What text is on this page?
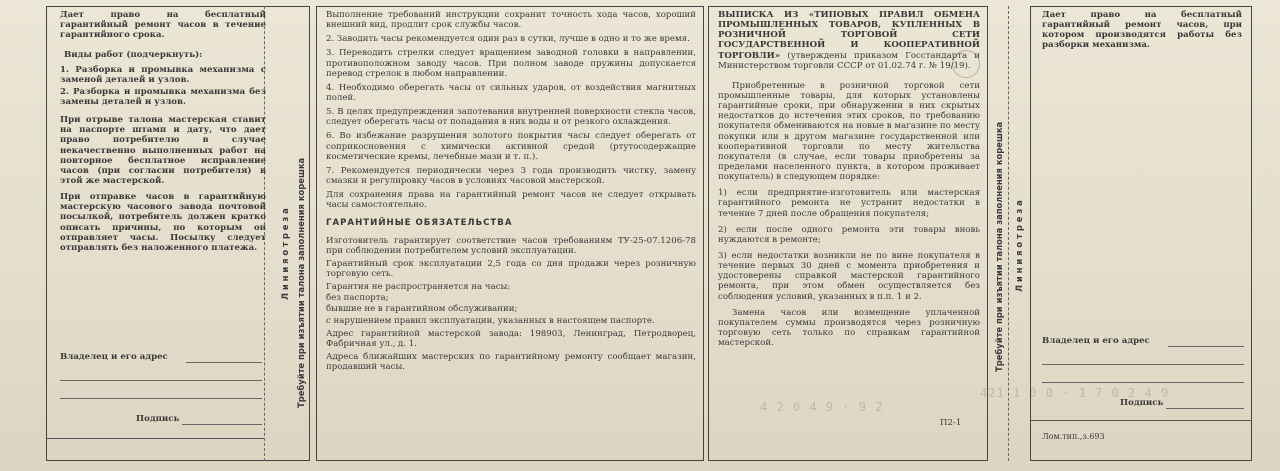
421 1 0 0 · 1 7 0 2 4 9
4 2 0 4 9 · 9 2

Дает право на бесплатный гарантийный ремонт часов в течение гарантийного срока.

Виды работ (подчеркнуть):

1. Разборка и промывка механизма с заменой деталей и узлов.

2. Разборка и промывка механизма без замены деталей и узлов.

При отрыве талона мастерская ставит на паспорте штамп и дату, что дает право потребителю в случае некачественно выполненных работ на повторное бесплатное исправление часов (при согласии потребителя) в этой же мастерской.

При отправке часов в гарантийную мастерскую часового завода почтовой посылкой, потребитель должен кратко описать причины, по которым он отправляет часы. Посылку следует отправлять без наложенного платежа.

Владелец и его адрес
Подпись
Л и н и я о т р е з а Требуйте при изъятии талона заполнения корешка

Выполнение требований инструкции сохранит точность хода часов, хороший внешний вид, продлит срок службы часов.

2. Заводить часы рекомендуется один раз в сутки, лучше в одно и то же время.

3. Переводить стрелки следует вращением заводной головки в направлении, противоположном заводу часов. При полном заводе пружины допускается перевод стрелок в любом направлении.

4. Необходимо оберегать часы от сильных ударов, от воздействия магнитных полей.

5. В целях предупреждения запотевания внутренней поверхности стекла часов, следует оберегать часы от попадания в них воды и от резкого охлаждения.

6. Во избежание разрушения золотого покрытия часы следует оберегать от соприкосновения с химически активной средой (ртутосодержащие косметические кремы, лечебные мази и т. п.).

7. Рекомендуется периодически через 3 года производить чистку, замену смазки и регулировку часов в условиях часовой мастерской.

Для сохранения права на гарантийный ремонт часов не следует открывать часы самостоятельно.

ГАРАНТИЙНЫЕ ОБЯЗАТЕЛЬСТВА

Изготовитель гарантирует соответствие часов требованиям ТУ-25-07.1206-78 при соблюдении потребителем условий эксплуатации.

Гарантийный срок эксплуатации 2,5 года со дня продажи через розничную торговую сеть.

Гарантия не распространяется на часы:

без паспорта;

бывшие не в гарантийном обслуживании;

с нарушением правил эксплуатации, указанных в настоящем паспорте.

Адрес гарантийной мастерской завода: 198903, Ленинград, Петродворец, Фабричная ул., д. 1.

Адреса ближайших мастерских по гарантийному ремонту сообщает магазин, продавший часы.

ВЫПИСКА ИЗ «ТИПОВЫХ ПРАВИЛ ОБМЕНА ПРОМЫШЛЕННЫХ ТОВАРОВ, КУПЛЕННЫХ В РОЗНИЧНОЙ ТОРГОВОЙ СЕТИ ГОСУДАРСТВЕННОЙ И КООПЕРАТИВНОЙ ТОРГОВЛИ» (утверждены приказом Госстандарта и Министерством торговли СССР от 01.02.74 г. № 19/19).

Приобретенные в розничной торговой сети промышленные товары, для которых установлены гарантийные сроки, при обнаружении в них скрытых недостатков до истечения этих сроков, по требованию покупателя обмениваются на новые в магазине по месту покупки или в другом магазине государственной или кооперативной торговли по месту жительства покупателя (в случае, если товары приобретены за пределами населенного пункта, в котором проживает покупатель) в следующем порядке:

1) если предприятие-изготовитель или мастерская гарантийного ремонта не устранит недостатки в течение 7 дней после обращения покупателя;

2) если после одного ремонта эти товары вновь нуждаются в ремонте;

3) если недостатки возникли не по вине покупателя в течение первых 30 дней с момента приобретения и удостоверены справкой мастерской гарантийного ремонта, при этом обмен осуществляется без соблюдения условий, указанных в п.п. 1 и 2.

Замена часов или возмещение уплаченной покупателем суммы производятся через розничную торговую сеть только по справкам гарантийной мастерской.

П2-1
Требуйте при изъятии талона заполнения корешка Л и н и я о т р е з а

Дает право на бесплатный гарантийный ремонт часов, при котором производятся работы без разборки механизма.

Владелец и его адрес
Подпись
Лом.тип.,з.693
